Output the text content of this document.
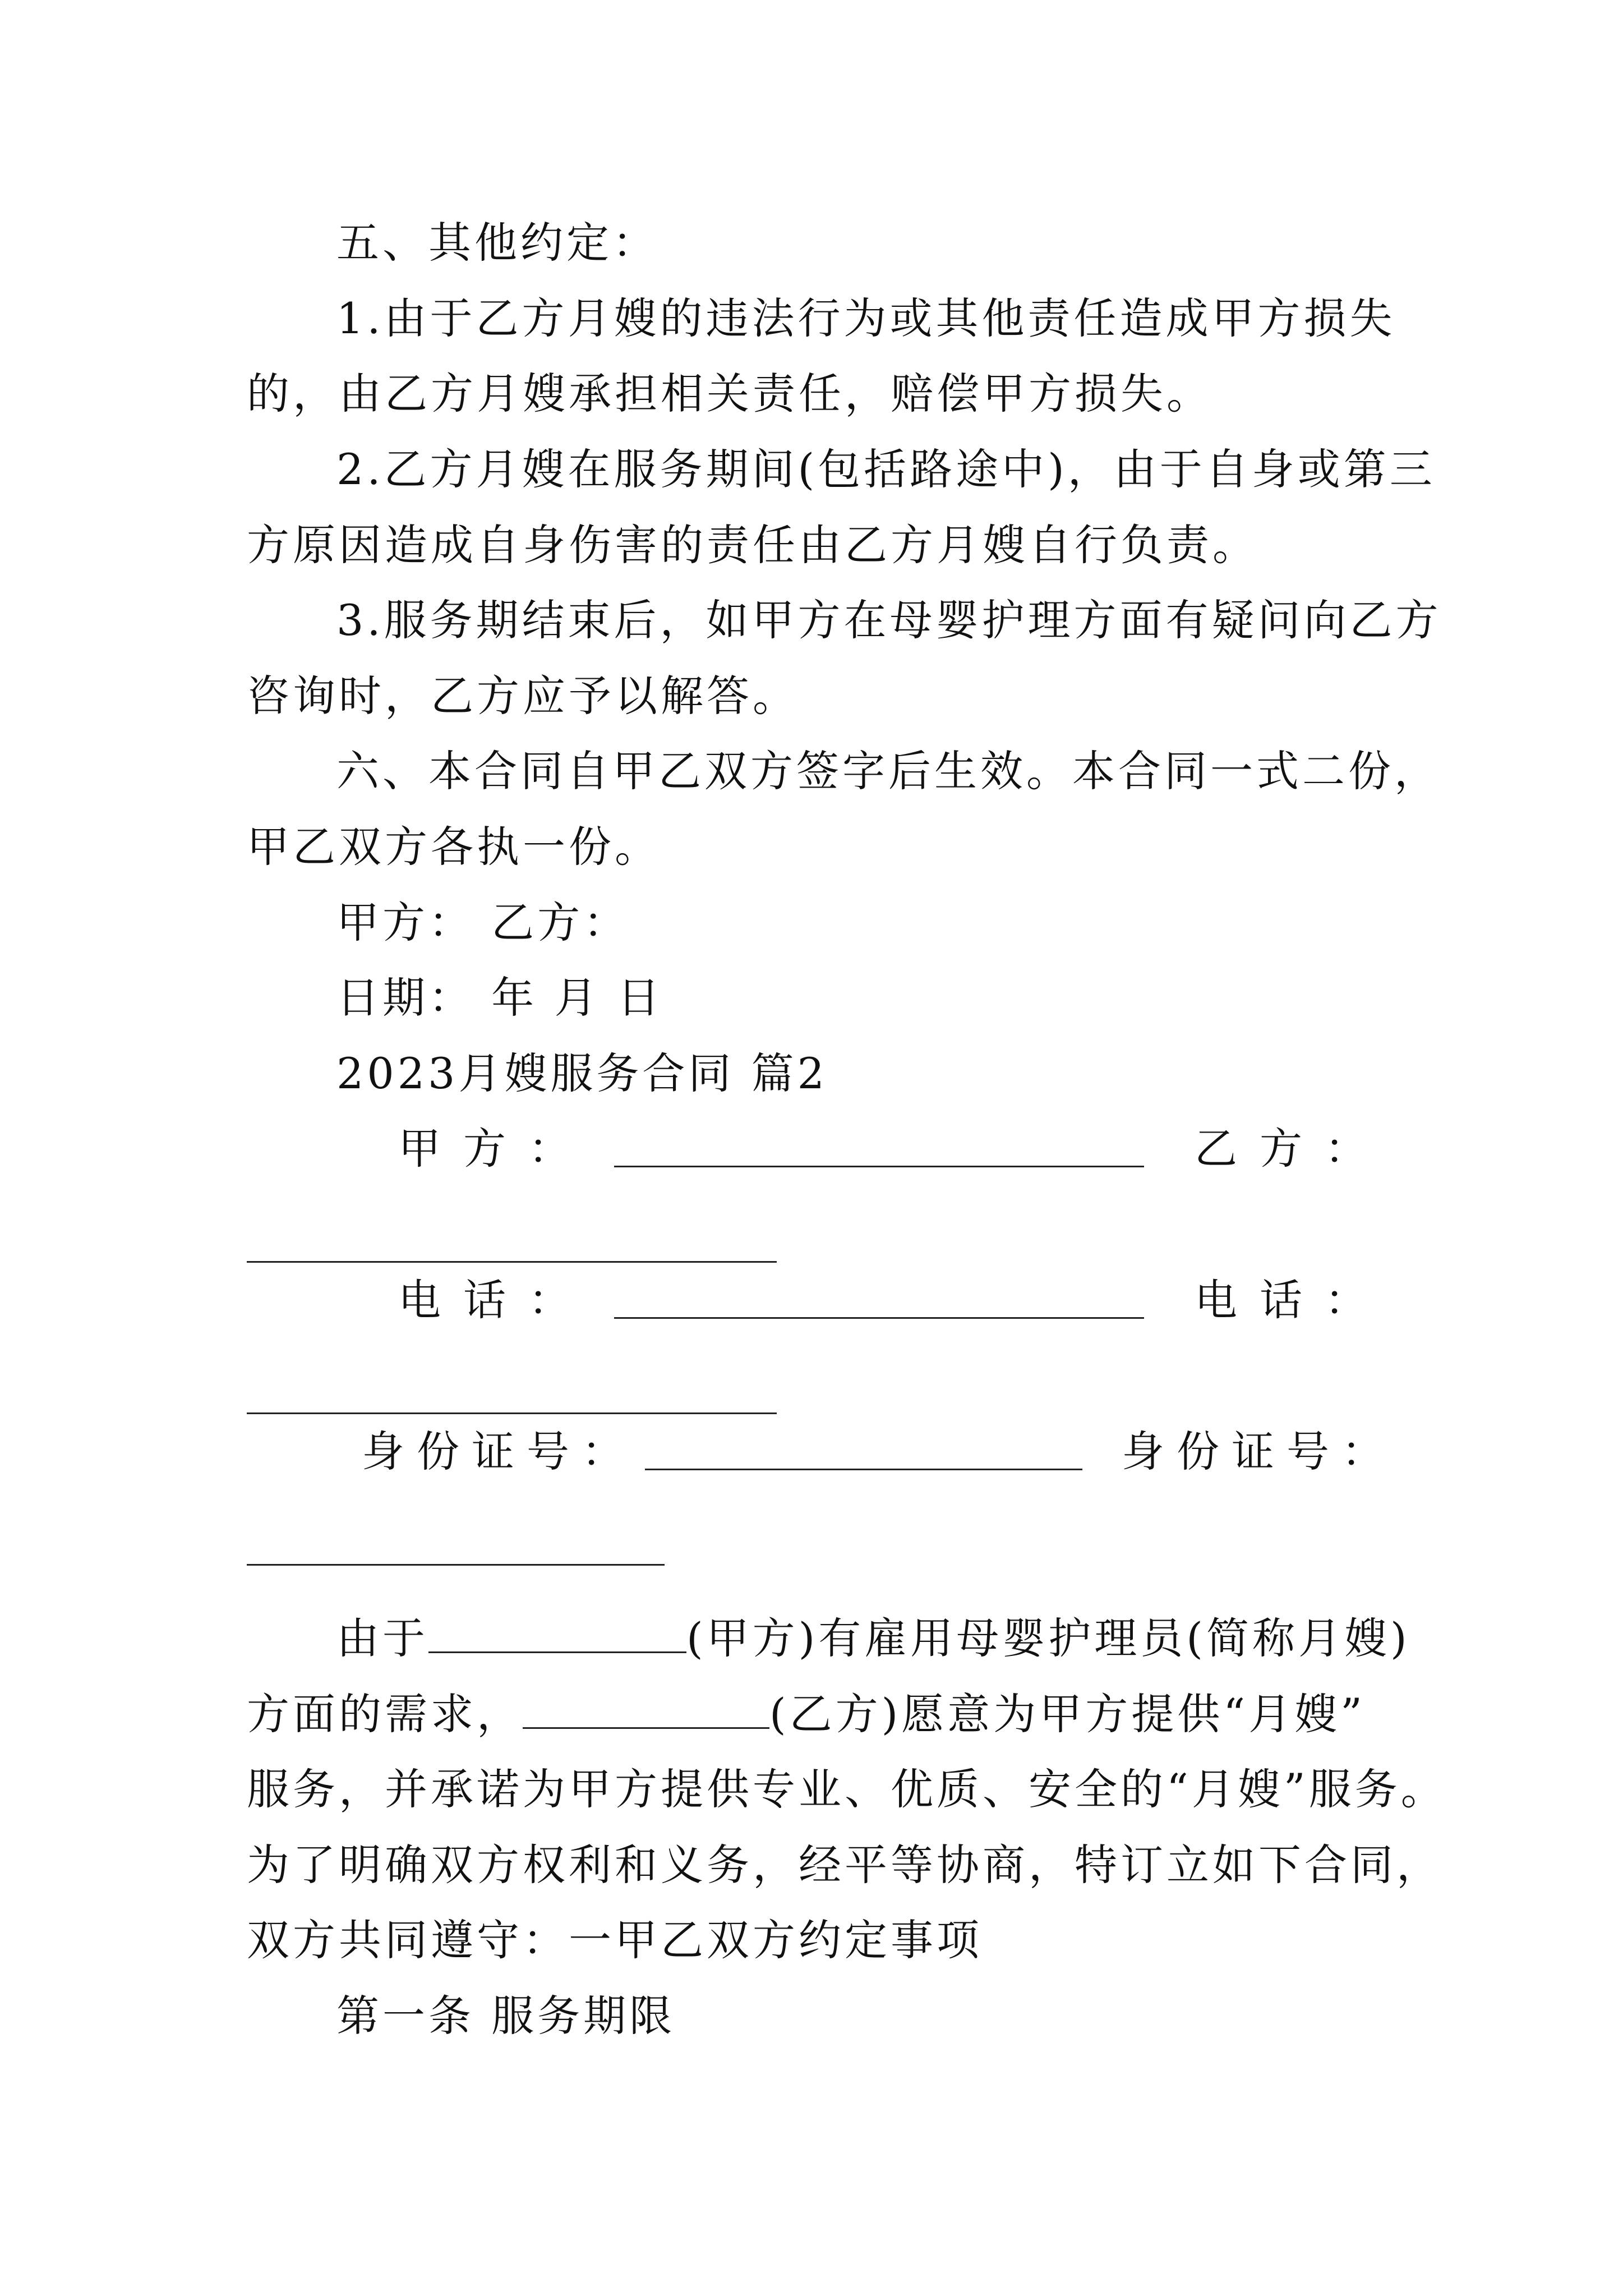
五、其他约定：
1.由于乙方月嫂的违法行为或其他责任造成甲方损失
的，由乙方月嫂承担相关责任，赔偿甲方损失。
2.乙方月嫂在服务期间(包括路途中)，由于自身或第三
方原因造成自身伤害的责任由乙方月嫂自行负责。
3.服务期结束后，如甲方在母婴护理方面有疑问向乙方
咨询时，乙方应予以解答。
六、本合同自甲乙双方签字后生效。本合同一式二份，
甲乙双方各执一份。
甲方： 乙方：
日期： 年 月 日
2023月嫂服务合同 篇2
甲方：	乙方：
电话：	电话：
身份证号：	身份证号：
由于	(甲方)有雇用母婴护理员(简称月嫂)
方面的需求，	(乙方)愿意为甲方提供“月嫂”
服务，并承诺为甲方提供专业、优质、安全的“月嫂”服务。
为了明确双方权利和义务，经平等协商，特订立如下合同，
双方共同遵守：一甲乙双方约定事项
第一条 服务期限
